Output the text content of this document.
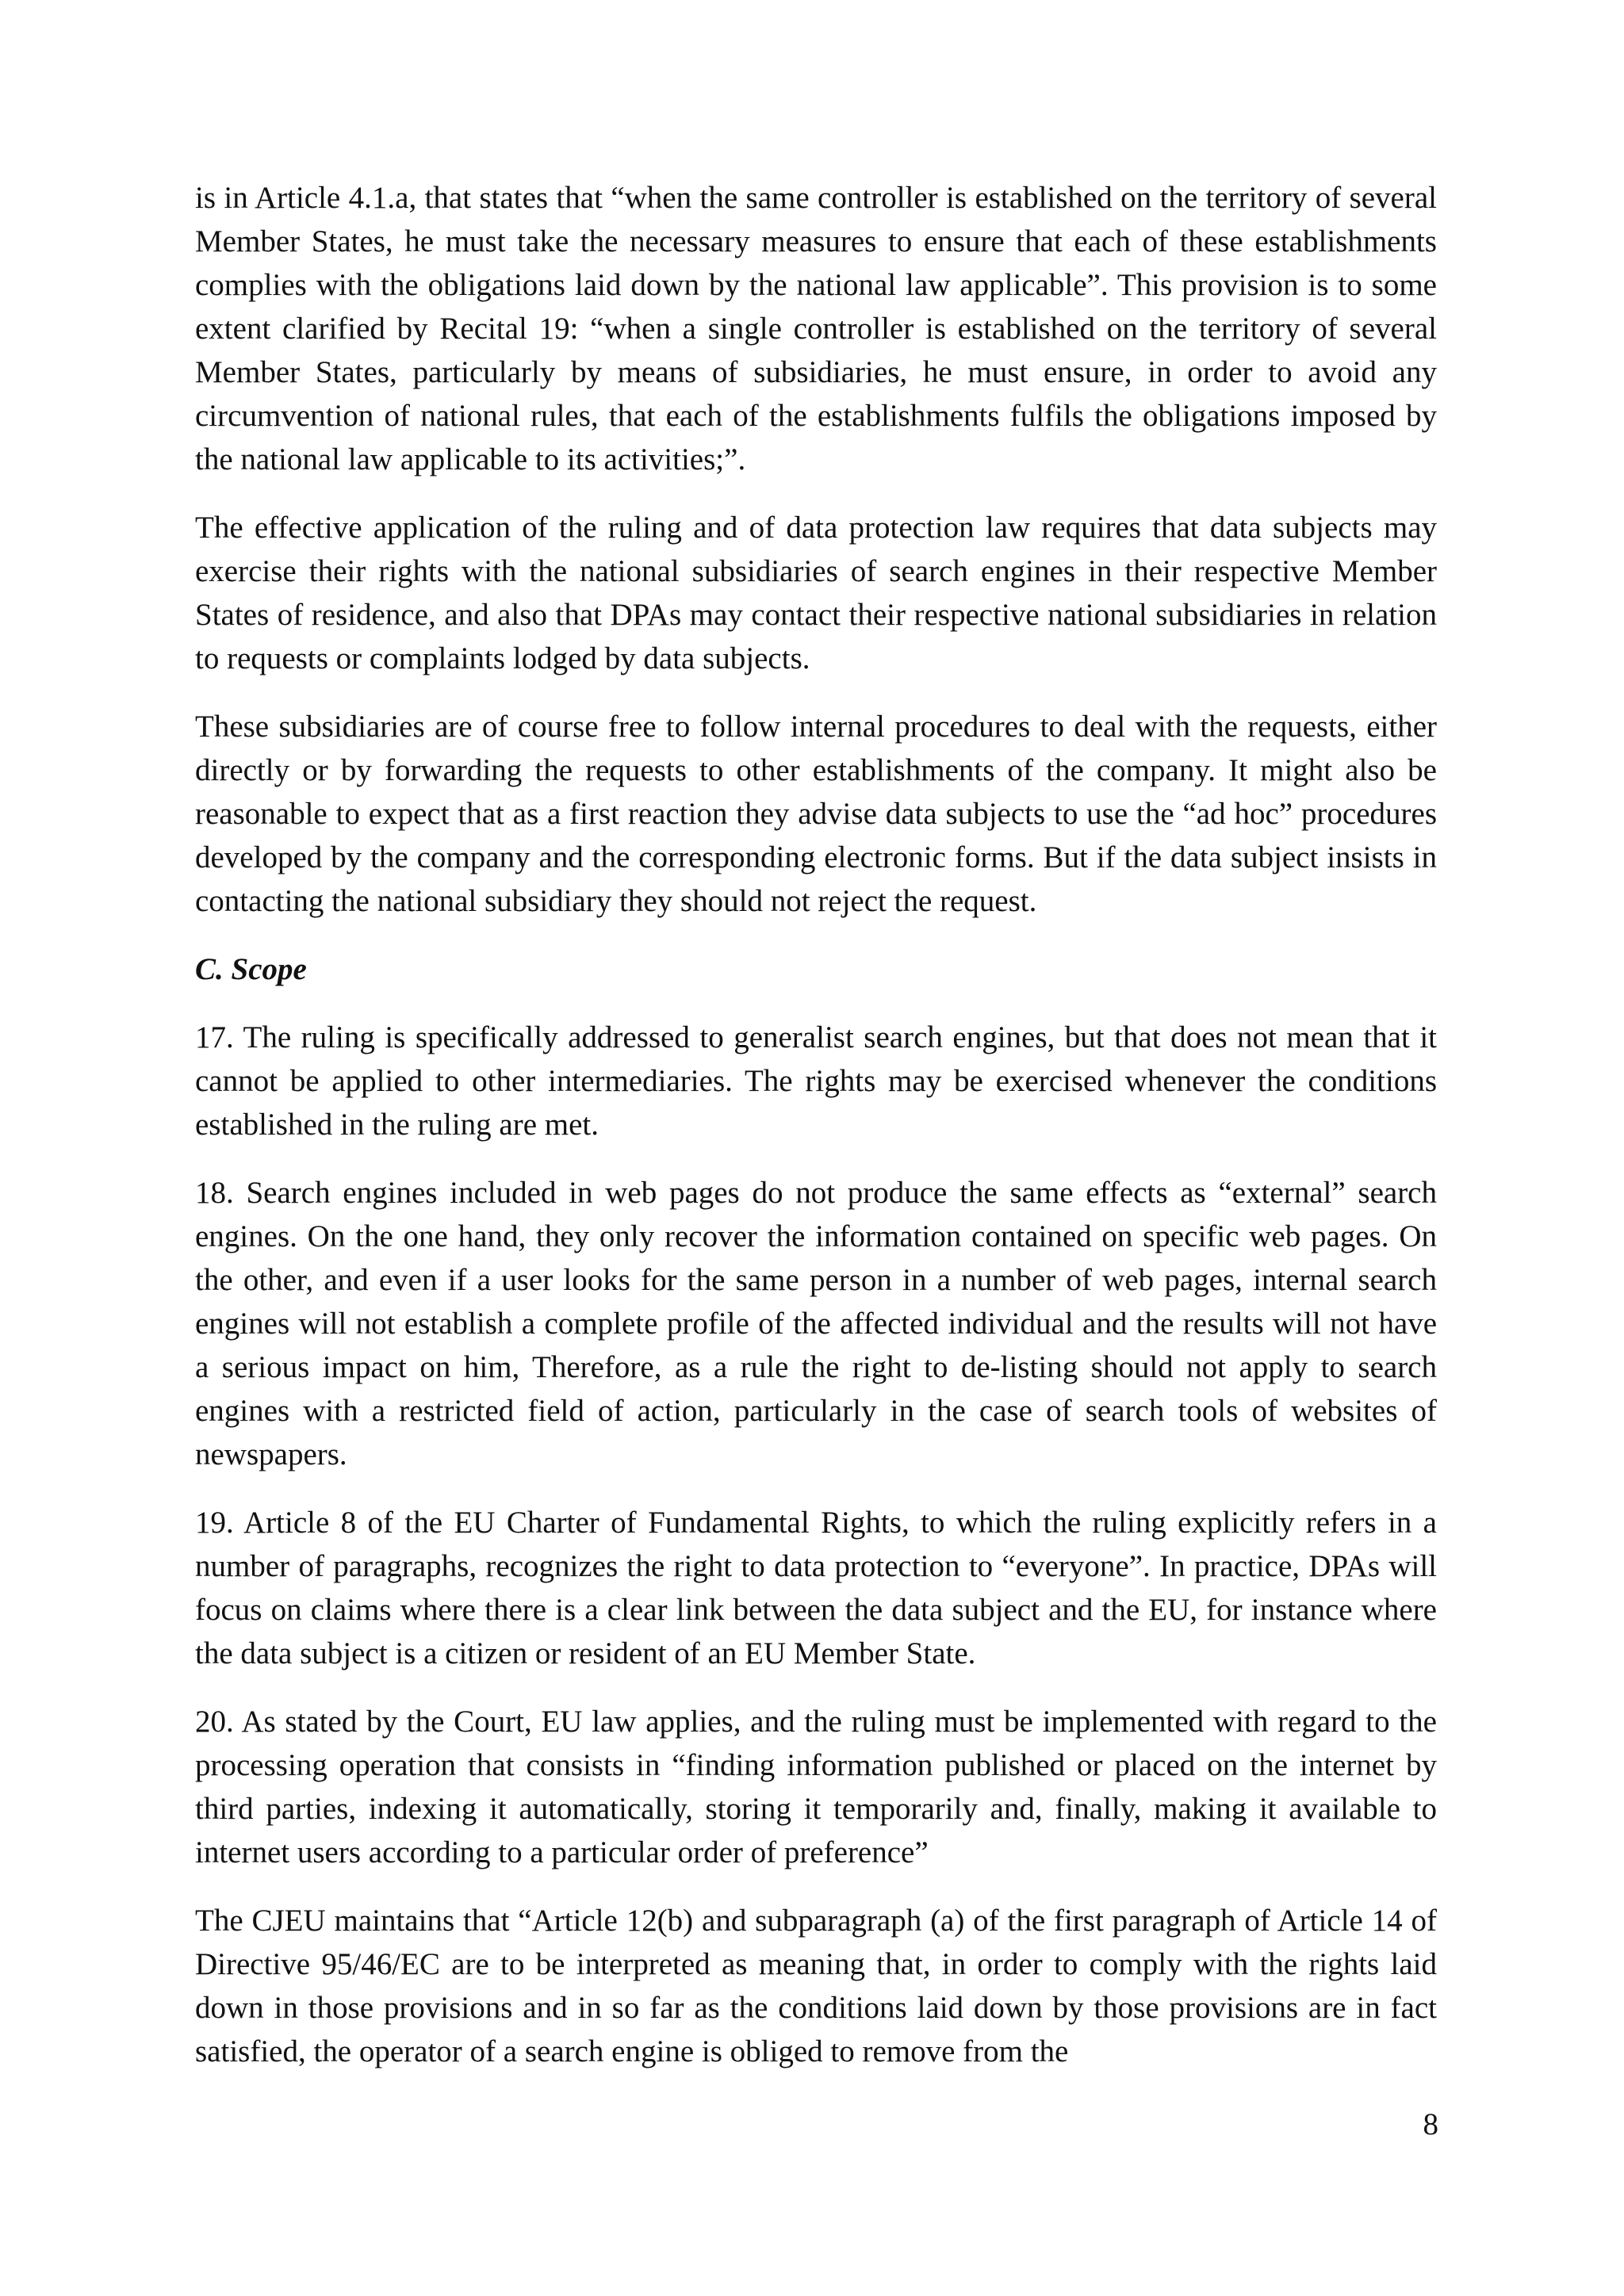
is in Article 4.1.a, that states that “when the same controller is established on the territory of several Member States, he must take the necessary measures to ensure that each of these establishments complies with the obligations laid down by the national law applicable”. This provision is to some extent clarified by Recital 19: “when a single controller is established on the territory of several Member States, particularly by means of subsidiaries, he must ensure, in order to avoid any circumvention of national rules, that each of the establishments fulfils the obligations imposed by the national law applicable to its activities;”.

The effective application of the ruling and of data protection law requires that data subjects may exercise their rights with the national subsidiaries of search engines in their respective Member States of residence, and also that DPAs may contact their respective national subsidiaries in relation to requests or complaints lodged by data subjects.

These subsidiaries are of course free to follow internal procedures to deal with the requests, either directly or by forwarding the requests to other establishments of the company. It might also be reasonable to expect that as a first reaction they advise data subjects to use the “ad hoc” procedures developed by the company and the corresponding electronic forms. But if the data subject insists in contacting the national subsidiary they should not reject the request.

C. Scope

17. The ruling is specifically addressed to generalist search engines, but that does not mean that it cannot be applied to other intermediaries. The rights may be exercised whenever the conditions established in the ruling are met.

18. Search engines included in web pages do not produce the same effects as “external” search engines. On the one hand, they only recover the information contained on specific web pages. On the other, and even if a user looks for the same person in a number of web pages, internal search engines will not establish a complete profile of the affected individual and the results will not have a serious impact on him, Therefore, as a rule the right to de-listing should not apply to search engines with a restricted field of action, particularly in the case of search tools of websites of newspapers.

19. Article 8 of the EU Charter of Fundamental Rights, to which the ruling explicitly refers in a number of paragraphs, recognizes the right to data protection to “everyone”. In practice, DPAs will focus on claims where there is a clear link between the data subject and the EU, for instance where the data subject is a citizen or resident of an EU Member State.

20. As stated by the Court, EU law applies, and the ruling must be implemented with regard to the processing operation that consists in “finding information published or placed on the internet by third parties, indexing it automatically, storing it temporarily and, finally, making it available to internet users according to a particular order of preference”

The CJEU maintains that “Article 12(b) and subparagraph (a) of the first paragraph of Article 14 of Directive 95/46/EC are to be interpreted as meaning that, in order to comply with the rights laid down in those provisions and in so far as the conditions laid down by those provisions are in fact satisfied, the operator of a search engine is obliged to remove from the

8
